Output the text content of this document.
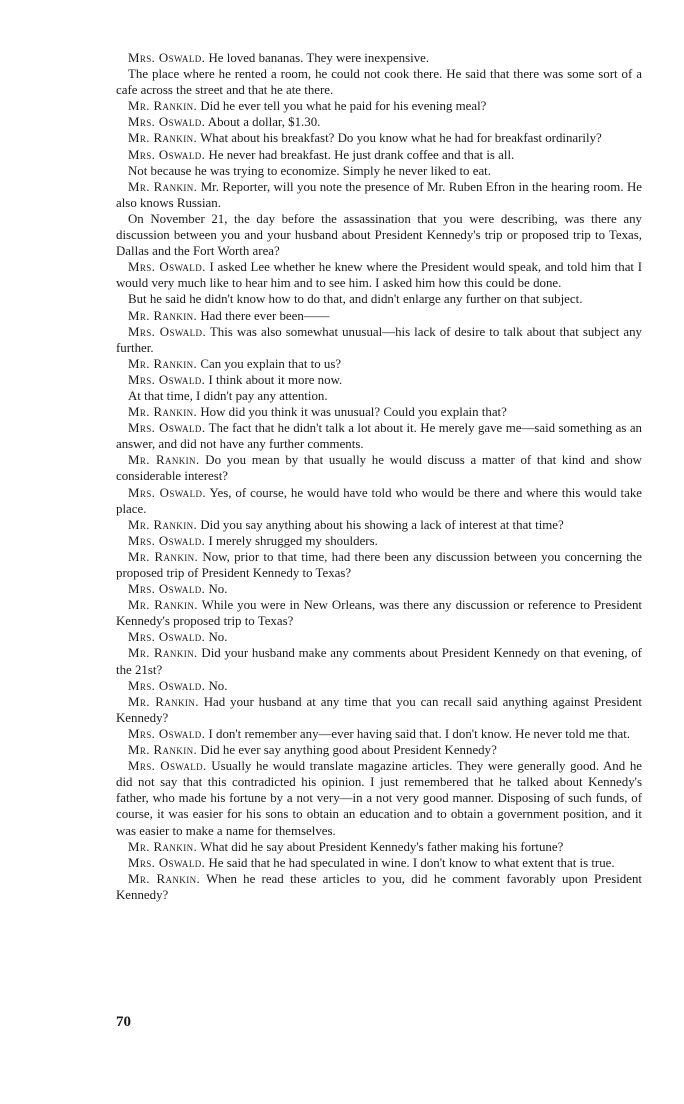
Mrs. Oswald. He loved bananas. They were inexpensive.

The place where he rented a room, he could not cook there. He said that there was some sort of a cafe across the street and that he ate there.

Mr. Rankin. Did he ever tell you what he paid for his evening meal?

Mrs. Oswald. About a dollar, $1.30.

Mr. Rankin. What about his breakfast? Do you know what he had for breakfast ordinarily?

Mrs. Oswald. He never had breakfast. He just drank coffee and that is all.

Not because he was trying to economize. Simply he never liked to eat.

Mr. Rankin. Mr. Reporter, will you note the presence of Mr. Ruben Efron in the hearing room. He also knows Russian.

On November 21, the day before the assassination that you were describing, was there any discussion between you and your husband about President Kennedy's trip or proposed trip to Texas, Dallas and the Fort Worth area?

Mrs. Oswald. I asked Lee whether he knew where the President would speak, and told him that I would very much like to hear him and to see him. I asked him how this could be done.

But he said he didn't know how to do that, and didn't enlarge any further on that subject.

Mr. Rankin. Had there ever been——

Mrs. Oswald. This was also somewhat unusual—his lack of desire to talk about that subject any further.

Mr. Rankin. Can you explain that to us?

Mrs. Oswald. I think about it more now.

At that time, I didn't pay any attention.

Mr. Rankin. How did you think it was unusual? Could you explain that?

Mrs. Oswald. The fact that he didn't talk a lot about it. He merely gave me—said something as an answer, and did not have any further comments.

Mr. Rankin. Do you mean by that usually he would discuss a matter of that kind and show considerable interest?

Mrs. Oswald. Yes, of course, he would have told who would be there and where this would take place.

Mr. Rankin. Did you say anything about his showing a lack of interest at that time?

Mrs. Oswald. I merely shrugged my shoulders.

Mr. Rankin. Now, prior to that time, had there been any discussion between you concerning the proposed trip of President Kennedy to Texas?

Mrs. Oswald. No.

Mr. Rankin. While you were in New Orleans, was there any discussion or reference to President Kennedy's proposed trip to Texas?

Mrs. Oswald. No.

Mr. Rankin. Did your husband make any comments about President Kennedy on that evening, of the 21st?

Mrs. Oswald. No.

Mr. Rankin. Had your husband at any time that you can recall said anything against President Kennedy?

Mrs. Oswald. I don't remember any—ever having said that. I don't know. He never told me that.

Mr. Rankin. Did he ever say anything good about President Kennedy?

Mrs. Oswald. Usually he would translate magazine articles. They were generally good. And he did not say that this contradicted his opinion. I just remembered that he talked about Kennedy's father, who made his fortune by a not very—in a not very good manner. Disposing of such funds, of course, it was easier for his sons to obtain an education and to obtain a government position, and it was easier to make a name for themselves.

Mr. Rankin. What did he say about President Kennedy's father making his fortune?

Mrs. Oswald. He said that he had speculated in wine. I don't know to what extent that is true.

Mr. Rankin. When he read these articles to you, did he comment favorably upon President Kennedy?

70
